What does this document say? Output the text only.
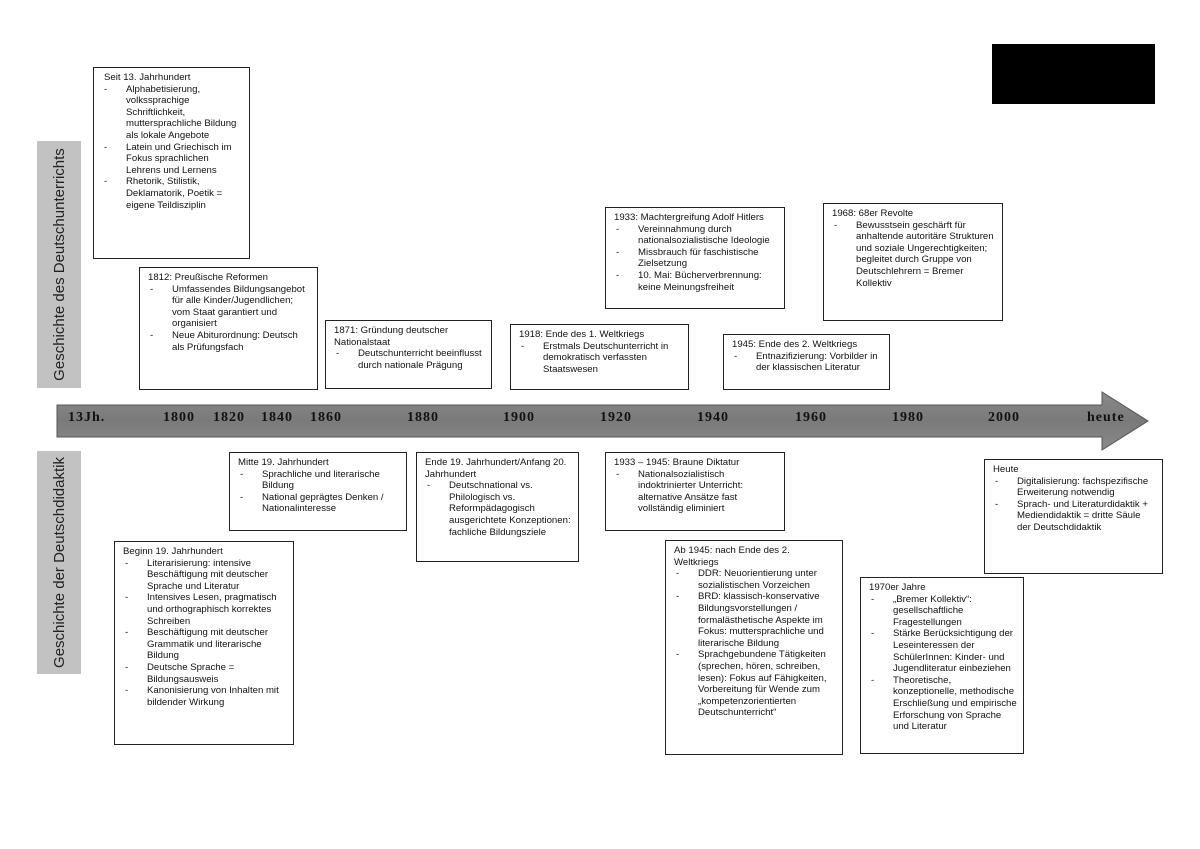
Geschichte des Deutschunterrichts
Geschichte der Deutschdidaktik
13Jh.	1800 1820 1840 1860	1880	1900	1920	1940	1960	1980	2000	heute
Seit 13. Jahrhundert
- Alphabetisierung, volkssprachige Schriftlichkeit, muttersprachliche Bildung als lokale Angebote
- Latein und Griechisch im Fokus sprachlichen Lehrens und Lernens
- Rhetorik, Stilistik, Deklamatorik, Poetik = eigene Teildisziplin
1812: Preußische Reformen
- Umfassendes Bildungsangebot für alle Kinder/Jugendlichen; vom Staat garantiert und organisiert
- Neue Abiturordnung: Deutsch als Prüfungsfach
1871: Gründung deutscher Nationalstaat
- Deutschunterricht beeinflusst durch nationale Prägung
1918: Ende des 1. Weltkriegs
- Erstmals Deutschunterricht in demokratisch verfassten Staatswesen
1933: Machtergreifung Adolf Hitlers
- Vereinnahmung durch nationalsozialistische Ideologie
- Missbrauch für faschistische Zielsetzung
- 10. Mai: Bücherverbrennung: keine Meinungsfreiheit
1945: Ende des 2. Weltkriegs
- Entnazifizierung: Vorbilder in der klassischen Literatur
1968: 68er Revolte
- Bewusstsein geschärft für anhaltende autoritäre Strukturen und soziale Ungerechtigkeiten; begleitet durch Gruppe von Deutschlehrern = Bremer Kollektiv
Mitte 19. Jahrhundert
- Sprachliche und literarische Bildung
- National geprägtes Denken / Nationalinteresse
Ende 19. Jahrhundert/Anfang 20. Jahrhundert
- Deutschnational vs. Philologisch vs. Reformpädagogisch ausgerichtete Konzeptionen: fachliche Bildungsziele
1933 – 1945: Braune Diktatur
- Nationalsozialistisch indoktrinierter Unterricht: alternative Ansätze fast vollständig eliminiert
Heute
- Digitalisierung: fachspezifische Erweiterung notwendig
- Sprach- und Literaturdidaktik + Mediendidaktik = dritte Säule der Deutschdidaktik
Beginn 19. Jahrhundert
- Literarisierung: intensive Beschäftigung mit deutscher Sprache und Literatur
- Intensives Lesen, pragmatisch und orthographisch korrektes Schreiben
- Beschäftigung mit deutscher Grammatik und literarische Bildung
- Deutsche Sprache = Bildungsausweis
- Kanonisierung von Inhalten mit bildender Wirkung
Ab 1945: nach Ende des 2. Weltkriegs
- DDR: Neuorientierung unter sozialistischen Vorzeichen
- BRD: klassisch-konservative Bildungsvorstellungen / formalästhetische Aspekte im Fokus: muttersprachliche und literarische Bildung
- Sprachgebundene Tätigkeiten (sprechen, hören, schreiben, lesen): Fokus auf Fähigkeiten, Vorbereitung für Wende zum „kompetenzorientierten Deutschunterricht“
1970er Jahre
- „Bremer Kollektiv“: gesellschaftliche Fragestellungen
- Stärke Berücksichtigung der Leseinteressen der SchülerInnen: Kinder- und Jugendliteratur einbeziehen
- Theoretische, konzeptionelle, methodische Erschließung und empirische Erforschung von Sprache und Literatur
